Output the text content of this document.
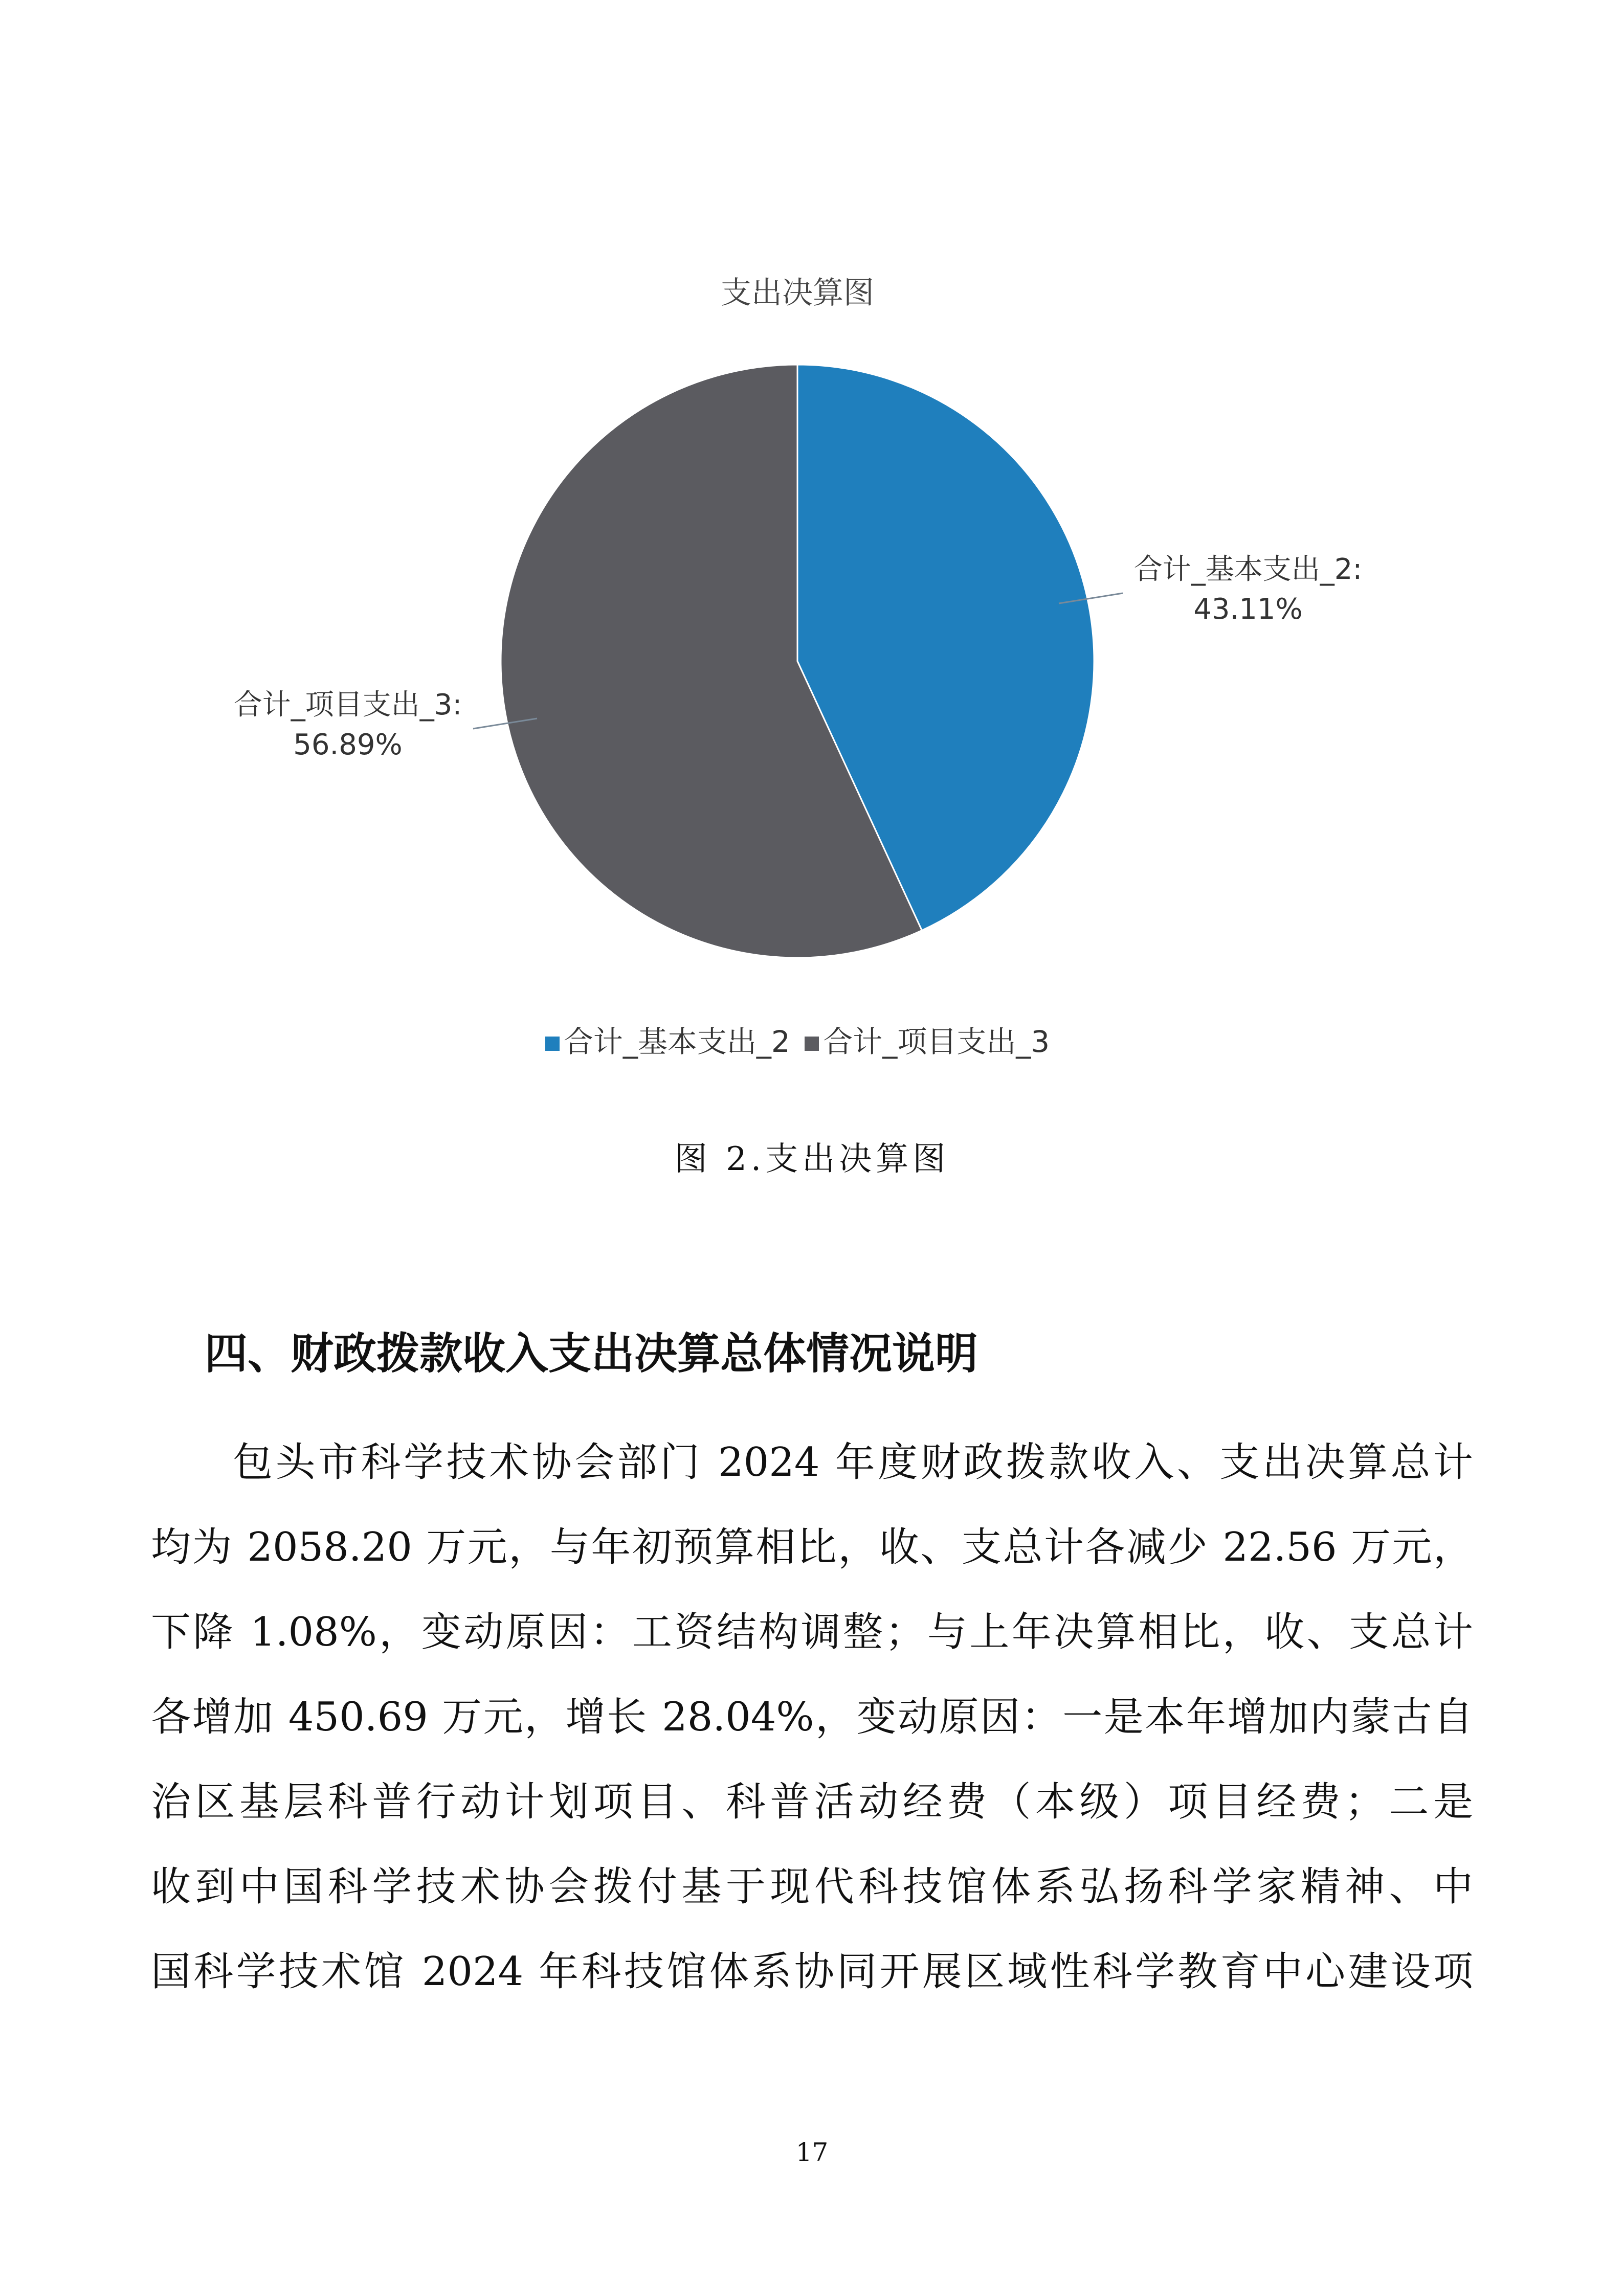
支出决算图
合计_基本支出_2:
43.11%
合计_项目支出_3:
56.89%
合计_基本支出_2 合计_项目支出_3
图 2.支出决算图
四、财政拨款收入支出决算总体情况说明
包头市科学技术协会部门 2024 年度财政拨款收入、支出决算总计
均为 2058.20 万元，与年初预算相比，收、支总计各减少 22.56 万元，
下降 1.08%，变动原因：工资结构调整；与上年决算相比，收、支总计
各增加 450.69 万元，增长 28.04%，变动原因：一是本年增加内蒙古自
治区基层科普行动计划项目、科普活动经费（本级）项目经费；二是
收到中国科学技术协会拨付基于现代科技馆体系弘扬科学家精神、中
国科学技术馆 2024 年科技馆体系协同开展区域性科学教育中心建设项
17
